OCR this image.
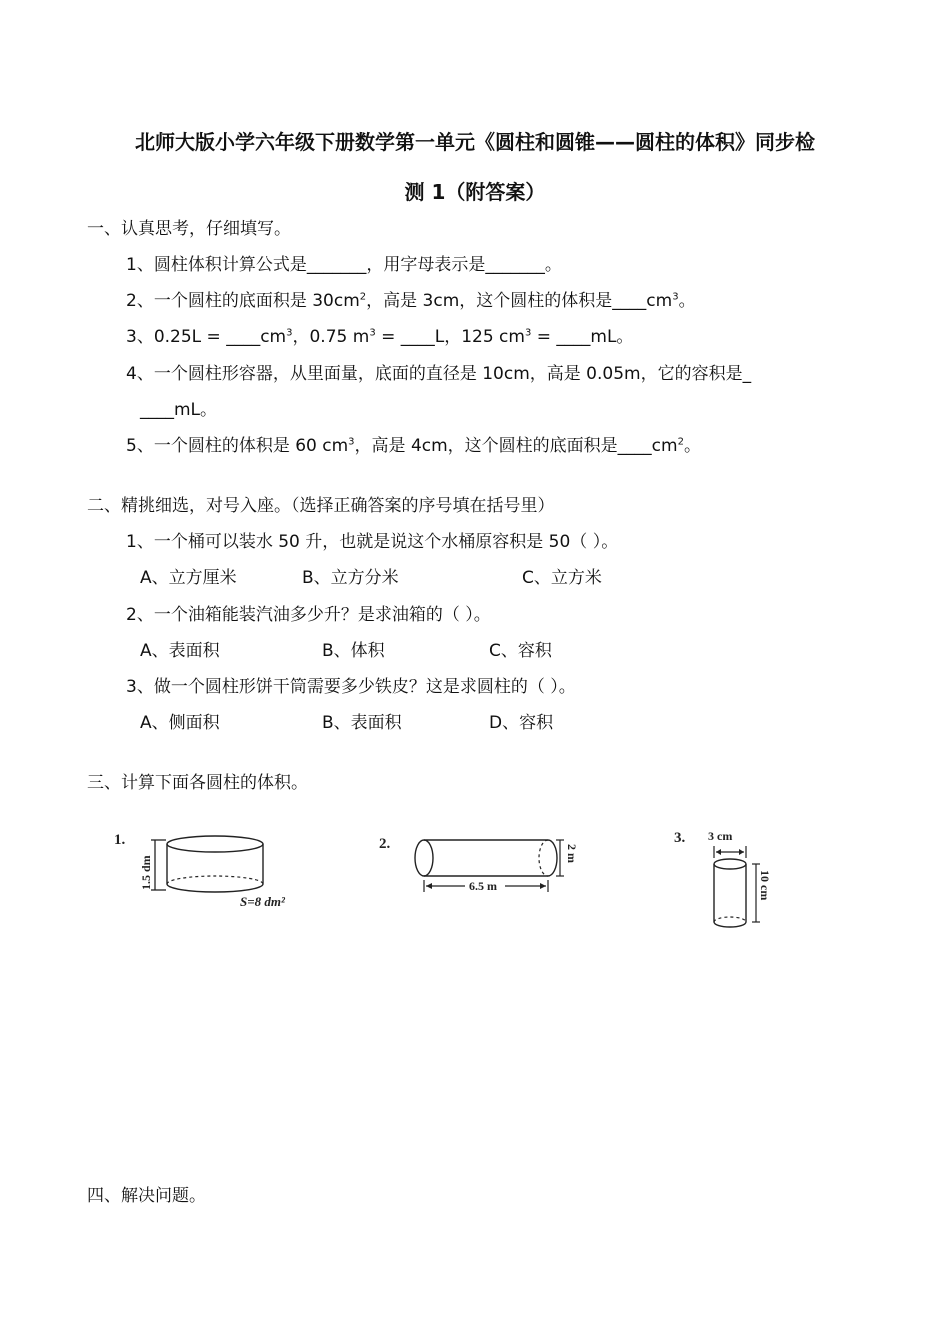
北师大版小学六年级下册数学第一单元《圆柱和圆锥——圆柱的体积》同步检
测 1（附答案）
一、认真思考，仔细填写。
1、圆柱体积计算公式是_______，用字母表示是_______。
2、一个圆柱的底面积是 $30cm^2$，高是 3cm，这个圆柱的体积是$\_\_\_\_cm^3$。
3、$0.25L = \_\_\_\_cm^3$，0.75 $m^3$ = ____L，125 $cm^3$ = ____mL。
4、一个圆柱形容器，从里面量，底面的直径是 10cm，高是 0.05m，它的容积是_
____mL。
5、一个圆柱的体积是 60 $cm^3$，高是 4cm，这个圆柱的底面积是$\_\_\_\_cm^2$。
二、精挑细选，对号入座。（选择正确答案的序号填在括号里）
1、一个桶可以装水 50 升，也就是说这个水桶原容积是 50（ ）。
A、立方厘米	B、立方分米	C、立方米
2、一个油箱能装汽油多少升？是求油箱的（ ）。
A、表面积	B、体积	C、容积
3、做一个圆柱形饼干筒需要多少铁皮？这是求圆柱的（ ）。
A、侧面积	B、表面积	D、容积
三、计算下面各圆柱的体积。
1.
1.5 dm
S=8 dm²
2.	2 m
6.5 m
3. 3 cm
10 cm
四、解决问题。
